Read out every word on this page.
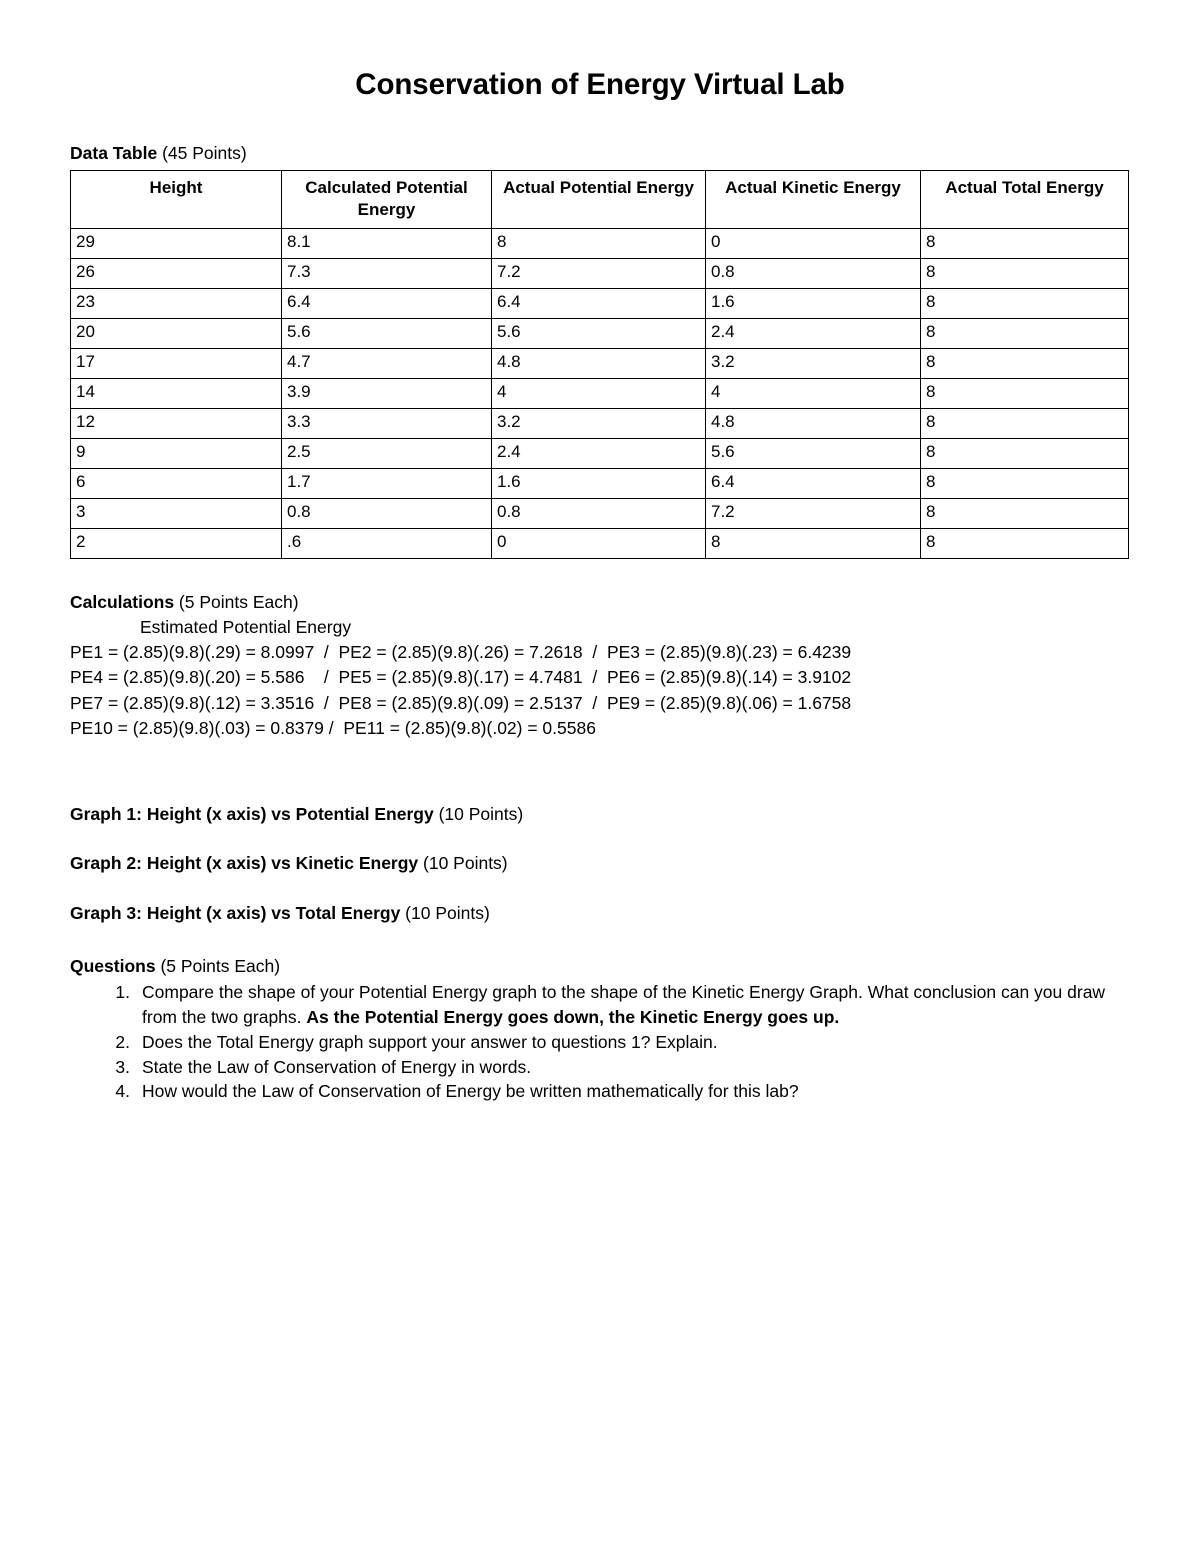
Conservation of Energy Virtual Lab
Data Table (45 Points)
Height	Calculated Potential Energy	Actual Potential Energy	Actual Kinetic Energy	Actual Total Energy
29	8.1	8	0	8
26	7.3	7.2	0.8	8
23	6.4	6.4	1.6	8
20	5.6	5.6	2.4	8
17	4.7	4.8	3.2	8
14	3.9	4	4	8
12	3.3	3.2	4.8	8
9	2.5	2.4	5.6	8
6	1.7	1.6	6.4	8
3	0.8	0.8	7.2	8
2	.6	0	8	8
Calculations (5 Points Each)
Estimated Potential Energy
PE1 = (2.85)(9.8)(.29) = 8.0997  /  PE2 = (2.85)(9.8)(.26) = 7.2618  /  PE3 = (2.85)(9.8)(.23) = 6.4239
PE4 = (2.85)(9.8)(.20) = 5.586    /  PE5 = (2.85)(9.8)(.17) = 4.7481  /  PE6 = (2.85)(9.8)(.14) = 3.9102
PE7 = (2.85)(9.8)(.12) = 3.3516  /  PE8 = (2.85)(9.8)(.09) = 2.5137  /  PE9 = (2.85)(9.8)(.06) = 1.6758
PE10 = (2.85)(9.8)(.03) = 0.8379 /  PE11 = (2.85)(9.8)(.02) = 0.5586
Graph 1: Height (x axis) vs Potential Energy (10 Points)
Graph 2: Height (x axis) vs Kinetic Energy (10 Points)
Graph 3: Height (x axis) vs Total Energy (10 Points)
Questions (5 Points Each)
1. Compare the shape of your Potential Energy graph to the shape of the Kinetic Energy Graph. What conclusion can you draw from the two graphs. As the Potential Energy goes down, the Kinetic Energy goes up.
2. Does the Total Energy graph support your answer to questions 1? Explain.
3. State the Law of Conservation of Energy in words.
4. How would the Law of Conservation of Energy be written mathematically for this lab?
